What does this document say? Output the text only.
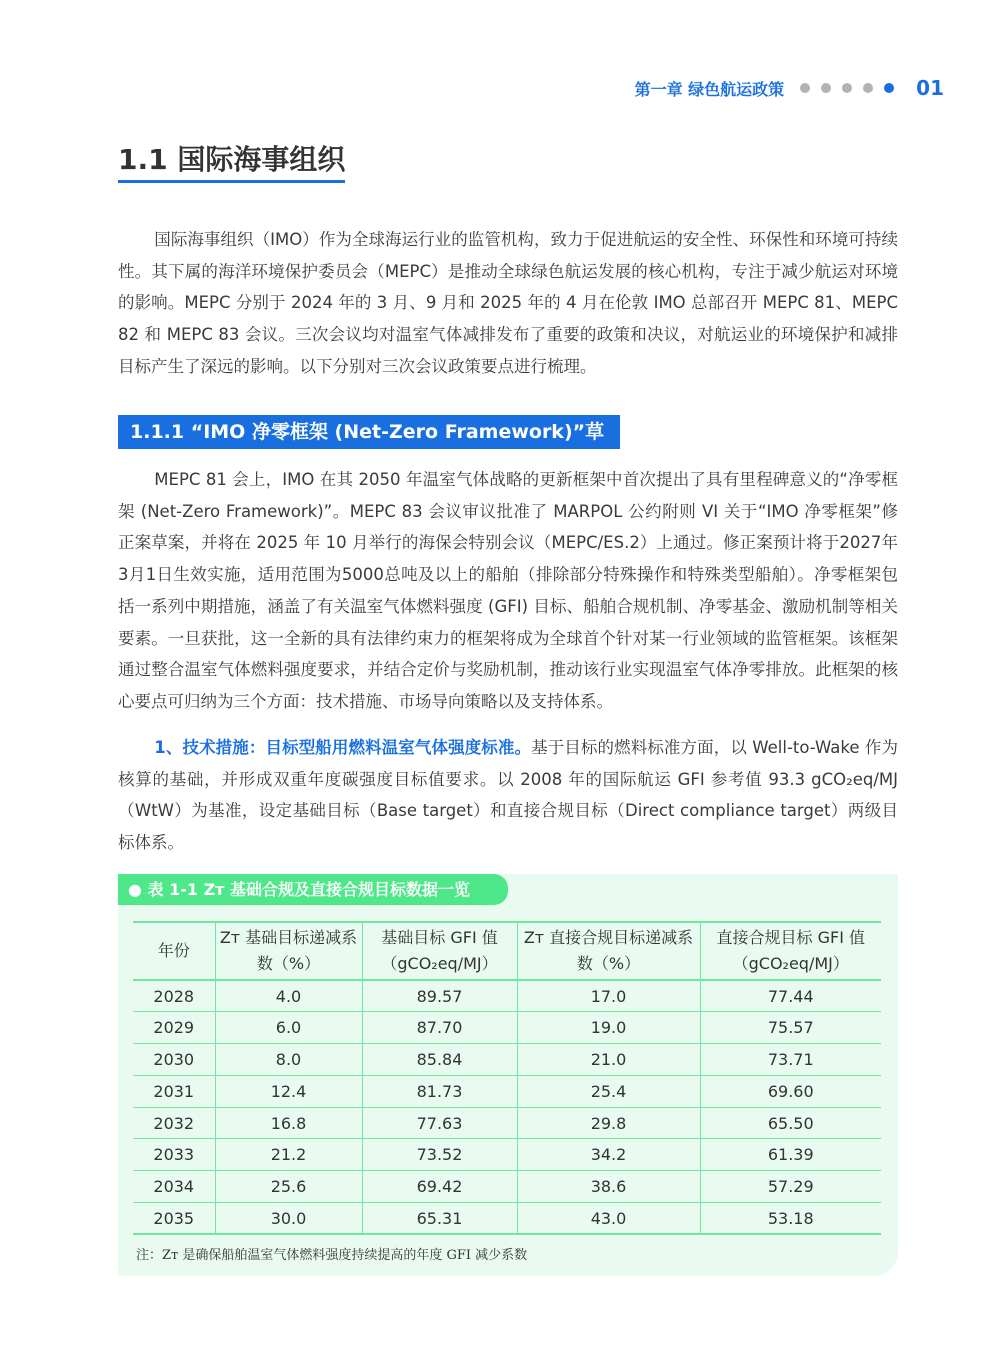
第一章 绿色航运政策	01
1.1 国际海事组织

国际海事组织（IMO）作为全球海运行业的监管机构，致力于促进航运的安全性、环保性和环境可持续性。其下属的海洋环境保护委员会（MEPC）是推动全球绿色航运发展的核心机构，专注于减少航运对环境的影响。MEPC 分别于 2024 年的 3 月、9 月和 2025 年的 4 月在伦敦 IMO 总部召开 MEPC 81、MEPC 82 和 MEPC 83 会议。三次会议均对温室气体减排发布了重要的政策和决议，对航运业的环境保护和减排目标产生了深远的影响。以下分别对三次会议政策要点进行梳理。

1.1.1 “IMO 净零框架 (Net-Zero Framework)”草案

MEPC 81 会上，IMO 在其 2050 年温室气体战略的更新框架中首次提出了具有里程碑意义的“净零框架 (Net-Zero Framework)”。MEPC 83 会议审议批准了 MARPOL 公约附则 VI 关于“IMO 净零框架”修正案草案，并将在 2025 年 10 月举行的海保会特别会议（MEPC/ES.2）上通过。修正案预计将于2027年3月1日生效实施，适用范围为5000总吨及以上的船舶（排除部分特殊操作和特殊类型船舶）。净零框架包括一系列中期措施，涵盖了有关温室气体燃料强度 (GFI) 目标、船舶合规机制、净零基金、激励机制等相关要素。一旦获批，这一全新的具有法律约束力的框架将成为全球首个针对某一行业领域的监管框架。该框架通过整合温室气体燃料强度要求，并结合定价与奖励机制，推动该行业实现温室气体净零排放。此框架的核心要点可归纳为三个方面：技术措施、市场导向策略以及支持体系。

1、技术措施：目标型船用燃料温室气体强度标准。基于目标的燃料标准方面，以 Well-to-Wake 作为核算的基础，并形成双重年度碳强度目标值要求。以 2008 年的国际航运 GFI 参考值 93.3 gCO₂eq/MJ（WtW）为基准，设定基础目标（Base target）和直接合规目标（Direct compliance target）两级目标体系。

● 表 1-1 Zᴛ 基础合规及直接合规目标数据一览
年份	Zᴛ 基础目标递减系数（%）	基础目标 GFI 值（gCO₂eq/MJ）	Zᴛ 直接合规目标递减系数（%）	直接合规目标 GFI 值（gCO₂eq/MJ）
2028	4.0	89.57	17.0	77.44
2029	6.0	87.70	19.0	75.57
2030	8.0	85.84	21.0	73.71
2031	12.4	81.73	25.4	69.60
2032	16.8	77.63	29.8	65.50
2033	21.2	73.52	34.2	61.39
2034	25.6	69.42	38.6	57.29
2035	30.0	65.31	43.0	53.18
注：Zᴛ 是确保船舶温室气体燃料强度持续提高的年度 GFI 减少系数
